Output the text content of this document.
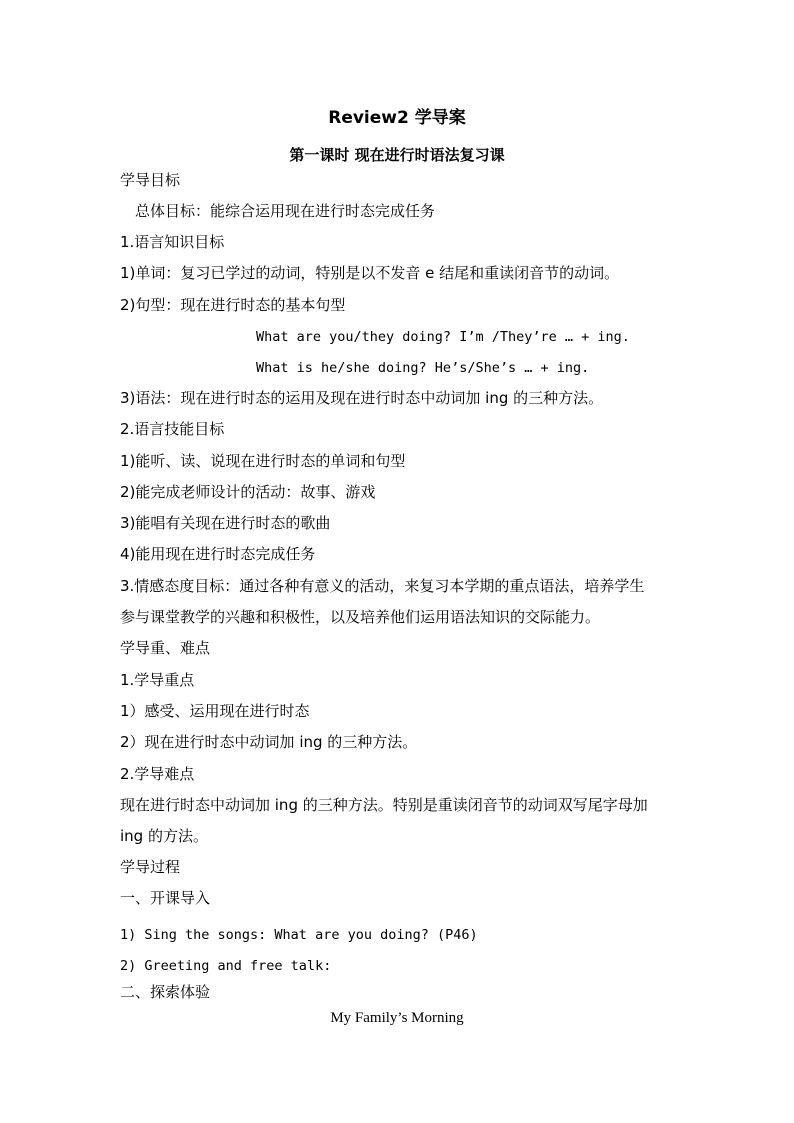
Review2 学导案
第一课时 现在进行时语法复习课
学导目标
总体目标：能综合运用现在进行时态完成任务
1.语言知识目标
1)单词：复习已学过的动词，特别是以不发音 e 结尾和重读闭音节的动词。
2)句型：现在进行时态的基本句型
What are you/they doing? I’m /They’re … + ing.
What is he/she doing? He’s/She’s … + ing.
3)语法：现在进行时态的运用及现在进行时态中动词加 ing 的三种方法。
2.语言技能目标
1)能听、读、说现在进行时态的单词和句型
2)能完成老师设计的活动：故事、游戏
3)能唱有关现在进行时态的歌曲
4)能用现在进行时态完成任务
3.情感态度目标：通过各种有意义的活动，来复习本学期的重点语法，培养学生
参与课堂教学的兴趣和积极性，以及培养他们运用语法知识的交际能力。
学导重、难点
1.学导重点
1）感受、运用现在进行时态
2）现在进行时态中动词加 ing 的三种方法。
2.学导难点
现在进行时态中动词加 ing 的三种方法。特别是重读闭音节的动词双写尾字母加
ing 的方法。
学导过程
一、开课导入
1) Sing the songs: What are you doing? (P46)
2) Greeting and free talk:
二、探索体验
My Family’s Morning
